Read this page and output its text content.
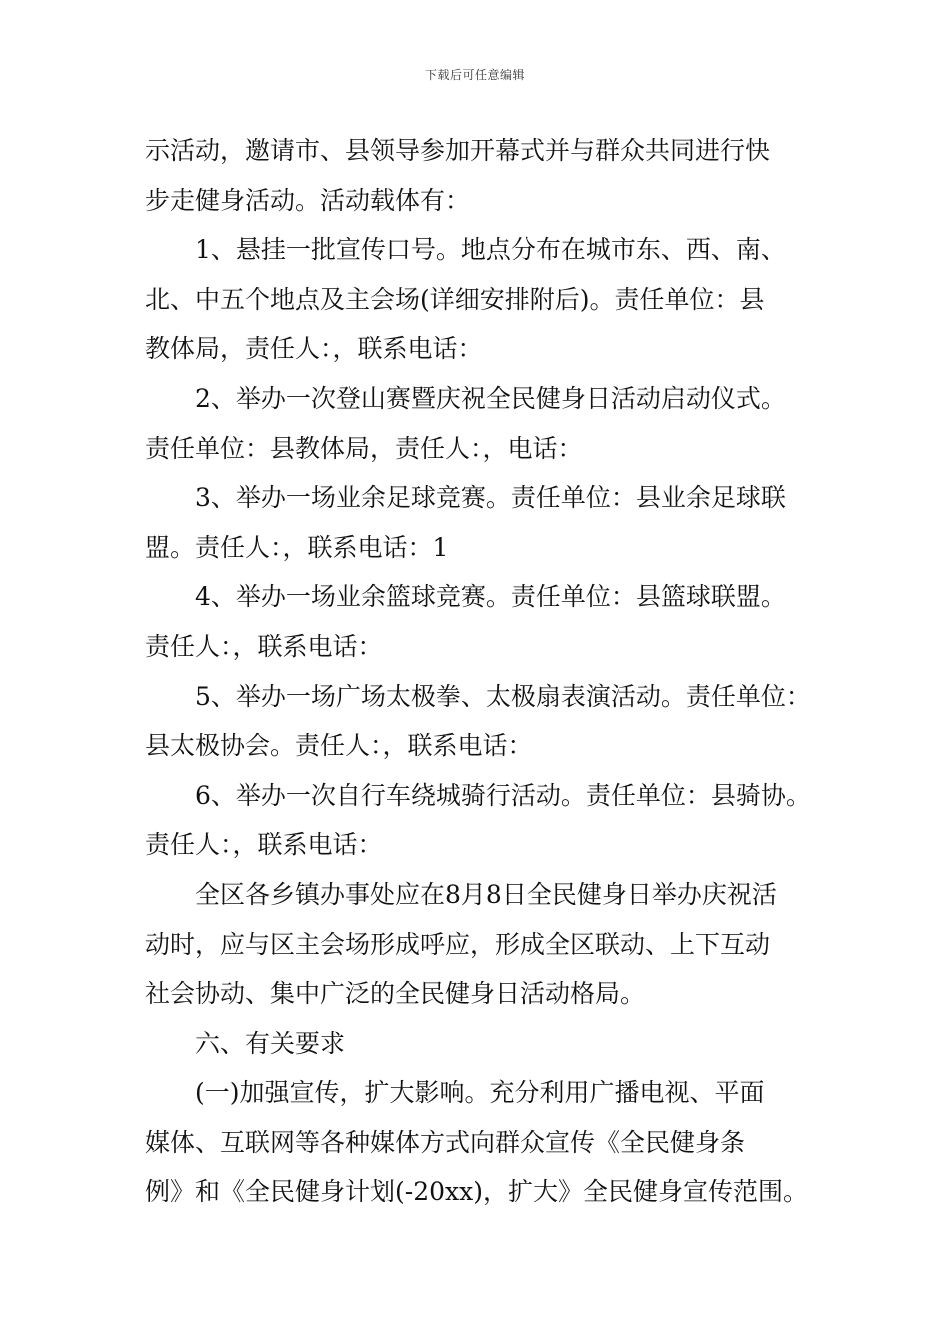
下载后可任意编辑
示活动，邀请市、县领导参加开幕式并与群众共同进行快
步走健身活动。活动载体有：
1、悬挂一批宣传口号。地点分布在城市东、西、南、
北、中五个地点及主会场(详细安排附后)。责任单位：县
教体局，责任人：，联系电话：
2、举办一次登山赛暨庆祝全民健身日活动启动仪式。
责任单位：县教体局，责任人：，电话：
3、举办一场业余足球竞赛。责任单位：县业余足球联
盟。责任人：，联系电话：1
4、举办一场业余篮球竞赛。责任单位：县篮球联盟。
责任人：，联系电话：
5、举办一场广场太极拳、太极扇表演活动。责任单位：
县太极协会。责任人：，联系电话：
6、举办一次自行车绕城骑行活动。责任单位：县骑协。
责任人：，联系电话：
全区各乡镇办事处应在8月8日全民健身日举办庆祝活
动时，应与区主会场形成呼应，形成全区联动、上下互动
社会协动、集中广泛的全民健身日活动格局。
六、有关要求
(一)加强宣传，扩大影响。充分利用广播电视、平面
媒体、互联网等各种媒体方式向群众宣传《全民健身条
例》和《全民健身计划(-20xx)，扩大》全民健身宣传范围。
